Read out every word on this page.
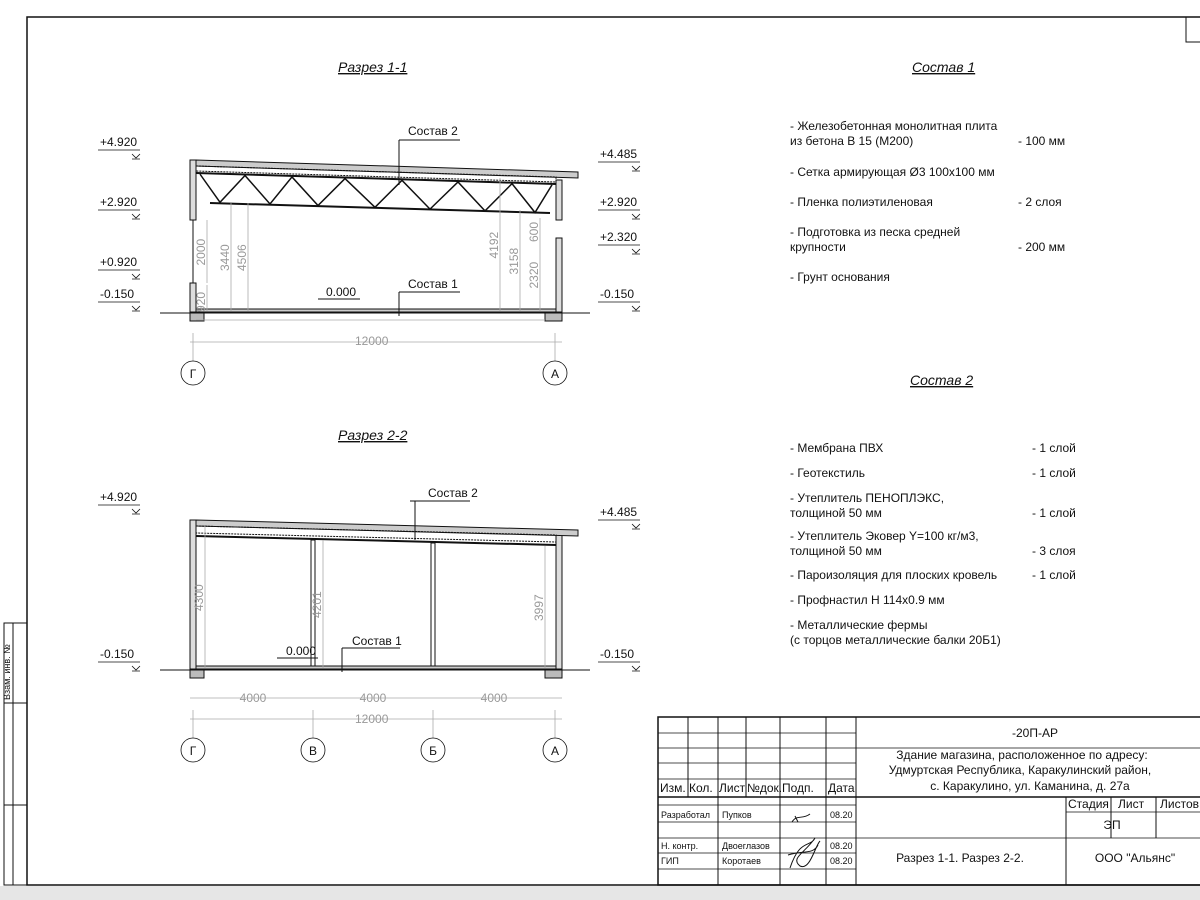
Взам. инв. №
Разрез 1-1
Состав 2
Состав 1
0.000
920
2000 3440 4506	4192
3158
2320
600
12000
+4.920
+2.920
+0.920
-0.150
+4.485
+2.920
+2.320
-0.150
Г	А
Разрез 2-2
Состав 2
Состав 1
0.000
4300	4201	3997
4000	4000	4000
12000
+4.920
-0.150
+4.485
-0.150
Г	В	Б	А
Состав 1
- Железобетонная монолитная плита
из бетона В 15 (М200)	- 100 мм
- Сетка армирующая Ø3 100х100 мм
- Пленка полиэтиленовая	- 2 слоя
- Подготовка из песка средней
крупности	- 200 мм
- Грунт основания
Состав 2
- Мембрана ПВХ	- 1 слой
- Геотекстиль	- 1 слой
- Утеплитель ПЕНОПЛЭКС,
толщиной 50 мм	- 1 слой
- Утеплитель Эковер Y=100 кг/м3,
толщиной 50 мм	- 3 слоя
- Пароизоляция для плоских кровель	- 1 слой
- Профнастил Н 114х0.9 мм
- Металлические фермы
(с торцов металлические балки 20Б1)
-20П-АР
Здание магазина, расположенное по адресу:
Удмуртская Республика, Каракулинский район,
с. Каракулино, ул. Каманина, д. 27а
Изм. Кол. Лист №док. Подп. Дата
Разработал Пупков	08.20
Н. контр.	Двоеглазов	08.20
ГИП	Коротаев	08.20
Стадия Лист Листов
ЭП
Разрез 1-1. Разрез 2-2.	ООО "Альянс"
